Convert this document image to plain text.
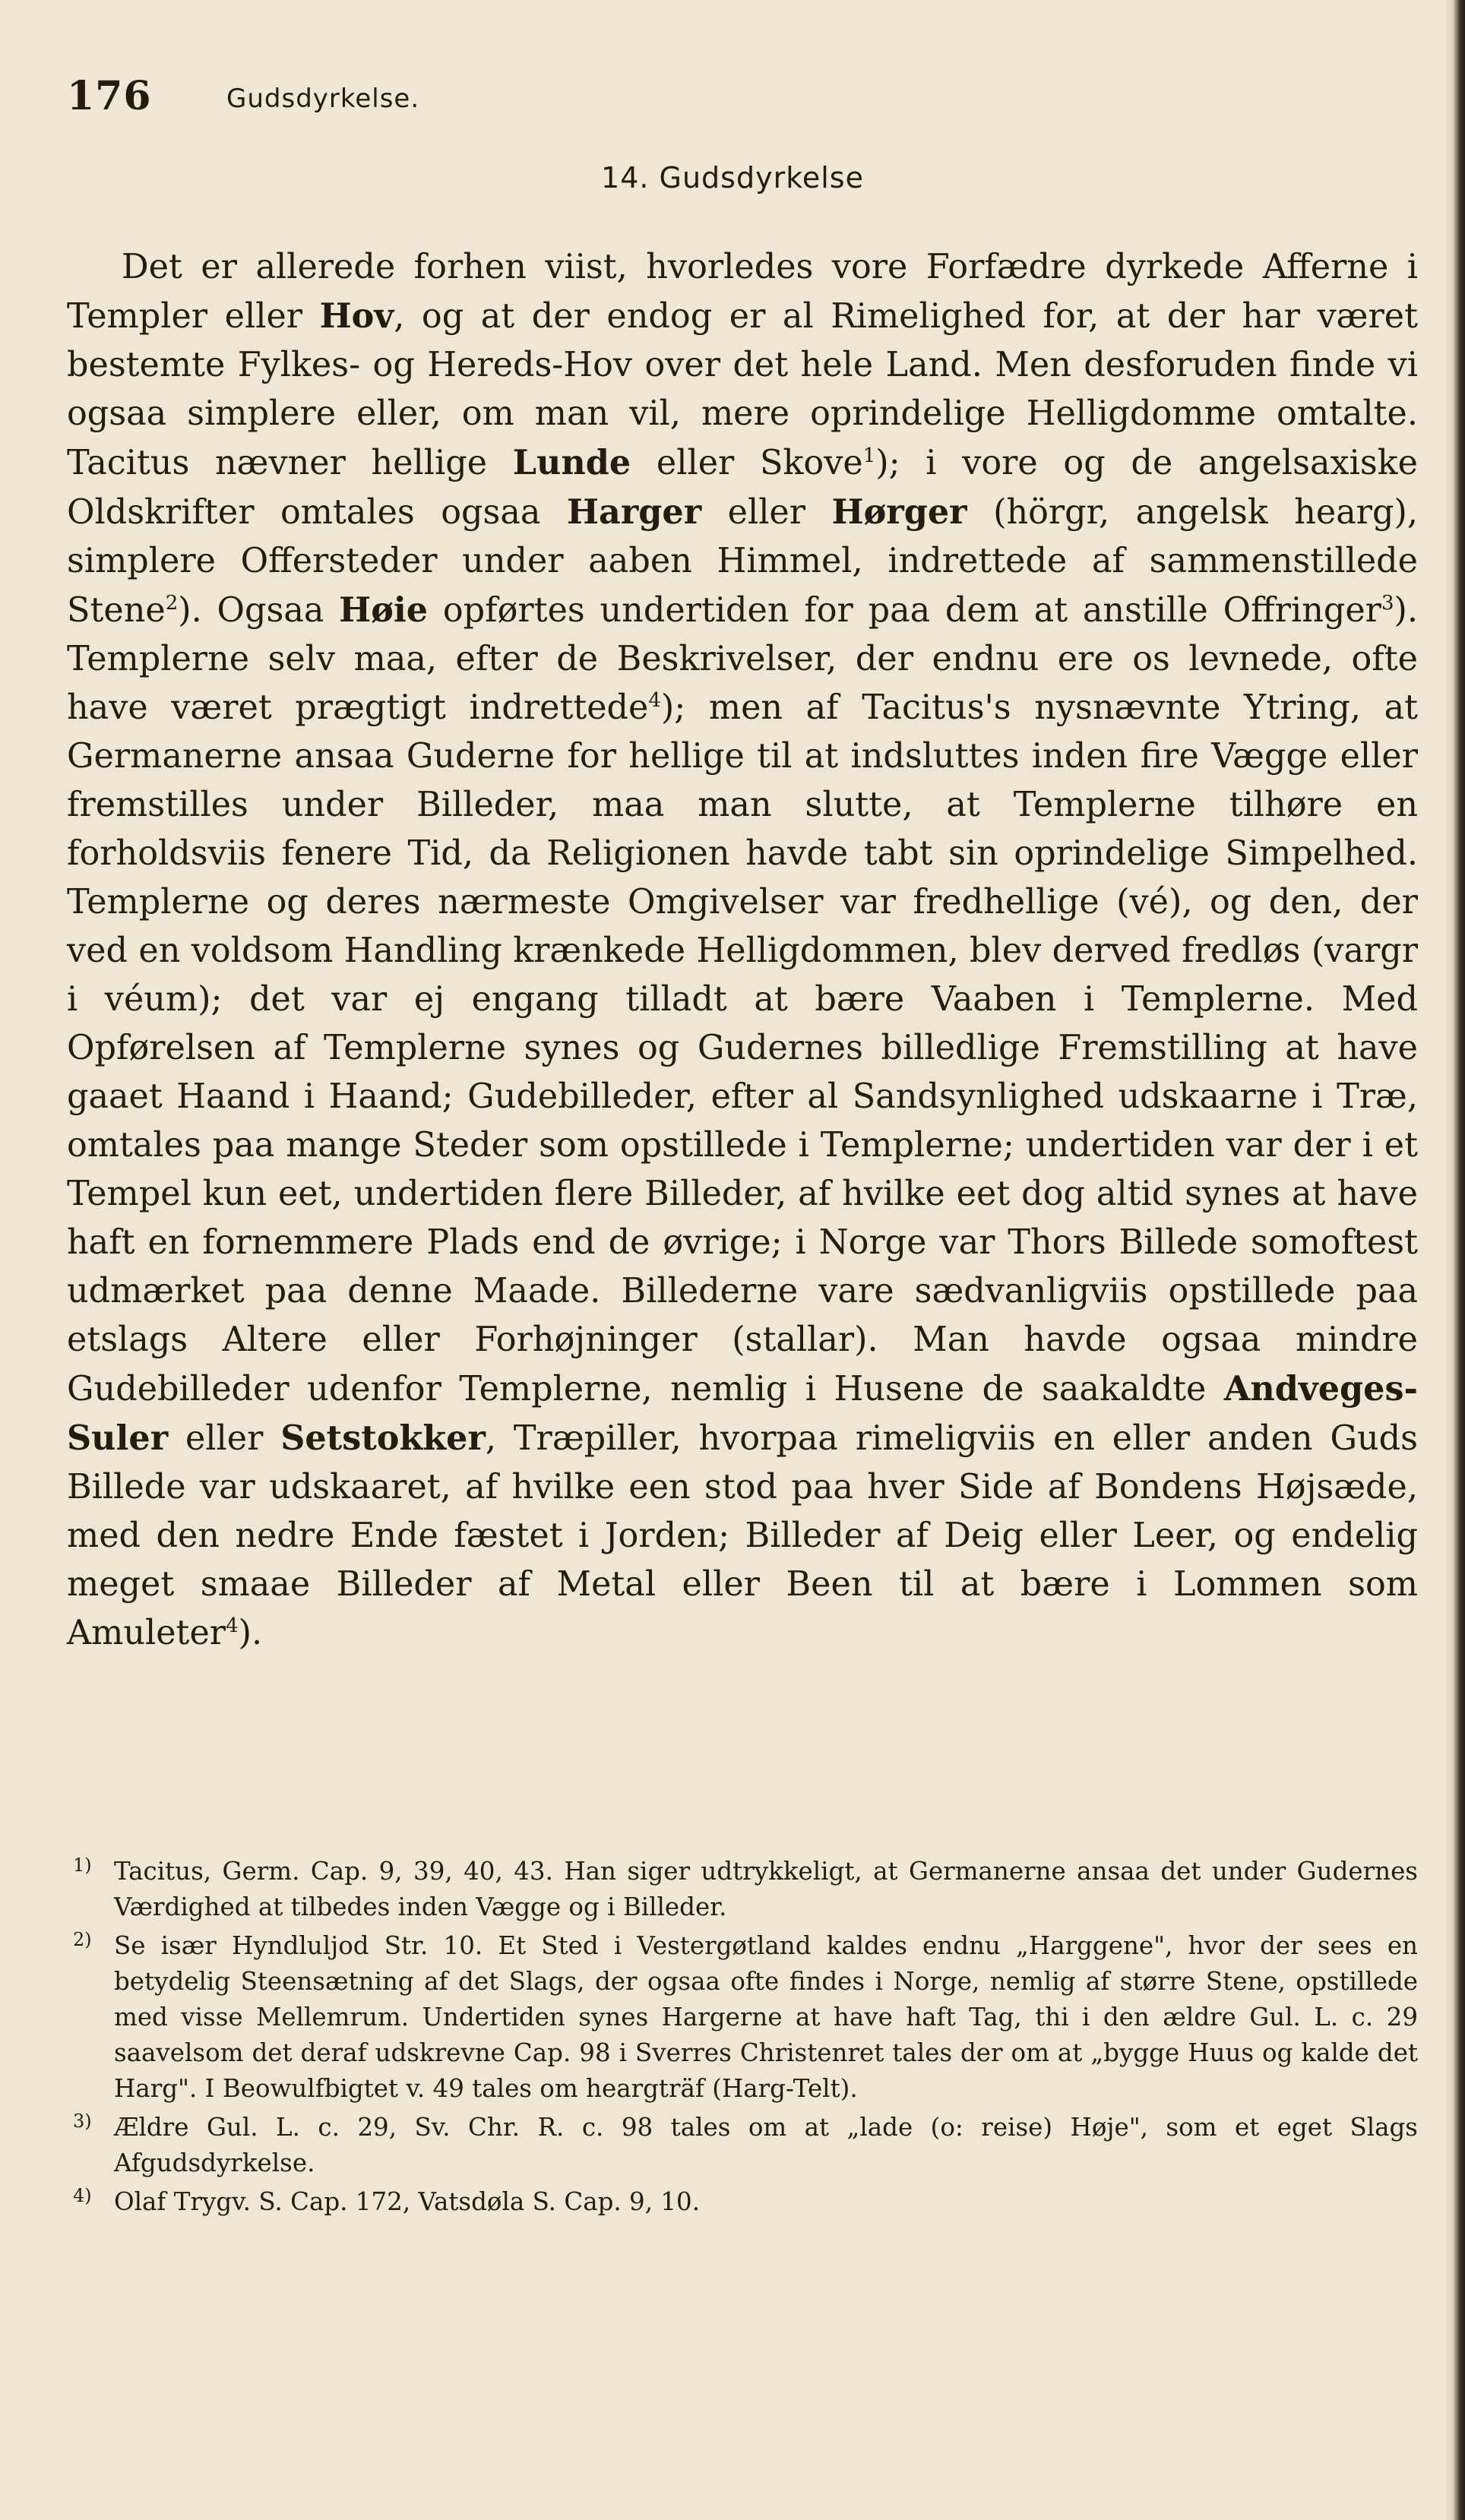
176	Gudsdyrkelse.
14. Gudsdyrkelse

Det er allerede forhen viist, hvorledes vore Forfædre dyrkede Afferne i Templer eller Hov, og at der endog er al Rimelighed for, at der har været bestemte Fylkes- og Hereds-Hov over det hele Land. Men desforuden finde vi ogsaa simplere eller, om man vil, mere oprindelige Helligdomme omtalte. Tacitus nævner hellige Lunde eller Skove$^1$); i vore og de angelsaxiske Oldskrifter omtales ogsaa Harger eller Hørger (hörgr, angelsk hearg), simplere Offersteder under aaben Himmel, indrettede af sammenstillede Stene$^2$). Ogsaa Høie opførtes undertiden for paa dem at anstille Offringer$^3$). Templerne selv maa, efter de Beskrivelser, der endnu ere os levnede, ofte have været prægtigt indrettede$^4$); men af Tacitus's nysnævnte Ytring, at Germanerne ansaa Guderne for hellige til at indsluttes inden fire Vægge eller fremstilles under Billeder, maa man slutte, at Templerne tilhøre en forholdsviis fenere Tid, da Religionen havde tabt sin oprindelige Simpelhed. Templerne og deres nærmeste Omgivelser var fredhellige (vé), og den, der ved en voldsom Handling krænkede Helligdommen, blev derved fredløs (vargr i véum); det var ej engang tilladt at bære Vaaben i Templerne. Med Opførelsen af Templerne synes og Gudernes billedlige Fremstilling at have gaaet Haand i Haand; Gudebilleder, efter al Sandsynlighed udskaarne i Træ, omtales paa mange Steder som opstillede i Templerne; undertiden var der i et Tempel kun eet, undertiden flere Billeder, af hvilke eet dog altid synes at have haft en fornemmere Plads end de øvrige; i Norge var Thors Billede somoftest udmærket paa denne Maade. Billederne vare sædvanligviis opstillede paa etslags Altere eller Forhøjninger (stallar). Man havde ogsaa mindre Gudebilleder udenfor Templerne, nemlig i Husene de saakaldte Andveges-Suler eller Setstokker, Træpiller, hvorpaa rimeligviis en eller anden Guds Billede var udskaaret, af hvilke een stod paa hver Side af Bondens Højsæde, med den nedre Ende fæstet i Jorden; Billeder af Deig eller Leer, og endelig meget smaae Billeder af Metal eller Been til at bære i Lommen som Amuleter$^4$).

1) Tacitus, Germ. Cap. 9, 39, 40, 43. Han siger udtrykkeligt, at Germanerne ansaa det under Gudernes Værdighed at tilbedes inden Vægge og i Billeder.
2) Se især Hyndluljod Str. 10. Et Sted i Vestergøtland kaldes endnu „Harggene", hvor der sees en betydelig Steensætning af det Slags, der ogsaa ofte findes i Norge, nemlig af større Stene, opstillede med visse Mellemrum. Undertiden synes Hargerne at have haft Tag, thi i den ældre Gul. L. c. 29 saavelsom det deraf udskrevne Cap. 98 i Sverres Christenret tales der om at „bygge Huus og kalde det Harg". I Beowulfbigtet v. 49 tales om heargträf (Harg-Telt).
3) Ældre Gul. L. c. 29, Sv. Chr. R. c. 98 tales om at „lade (o: reise) Høje", som et eget Slags Afgudsdyrkelse.
4) Olaf Trygv. S. Cap. 172, Vatsdøla S. Cap. 9, 10.
